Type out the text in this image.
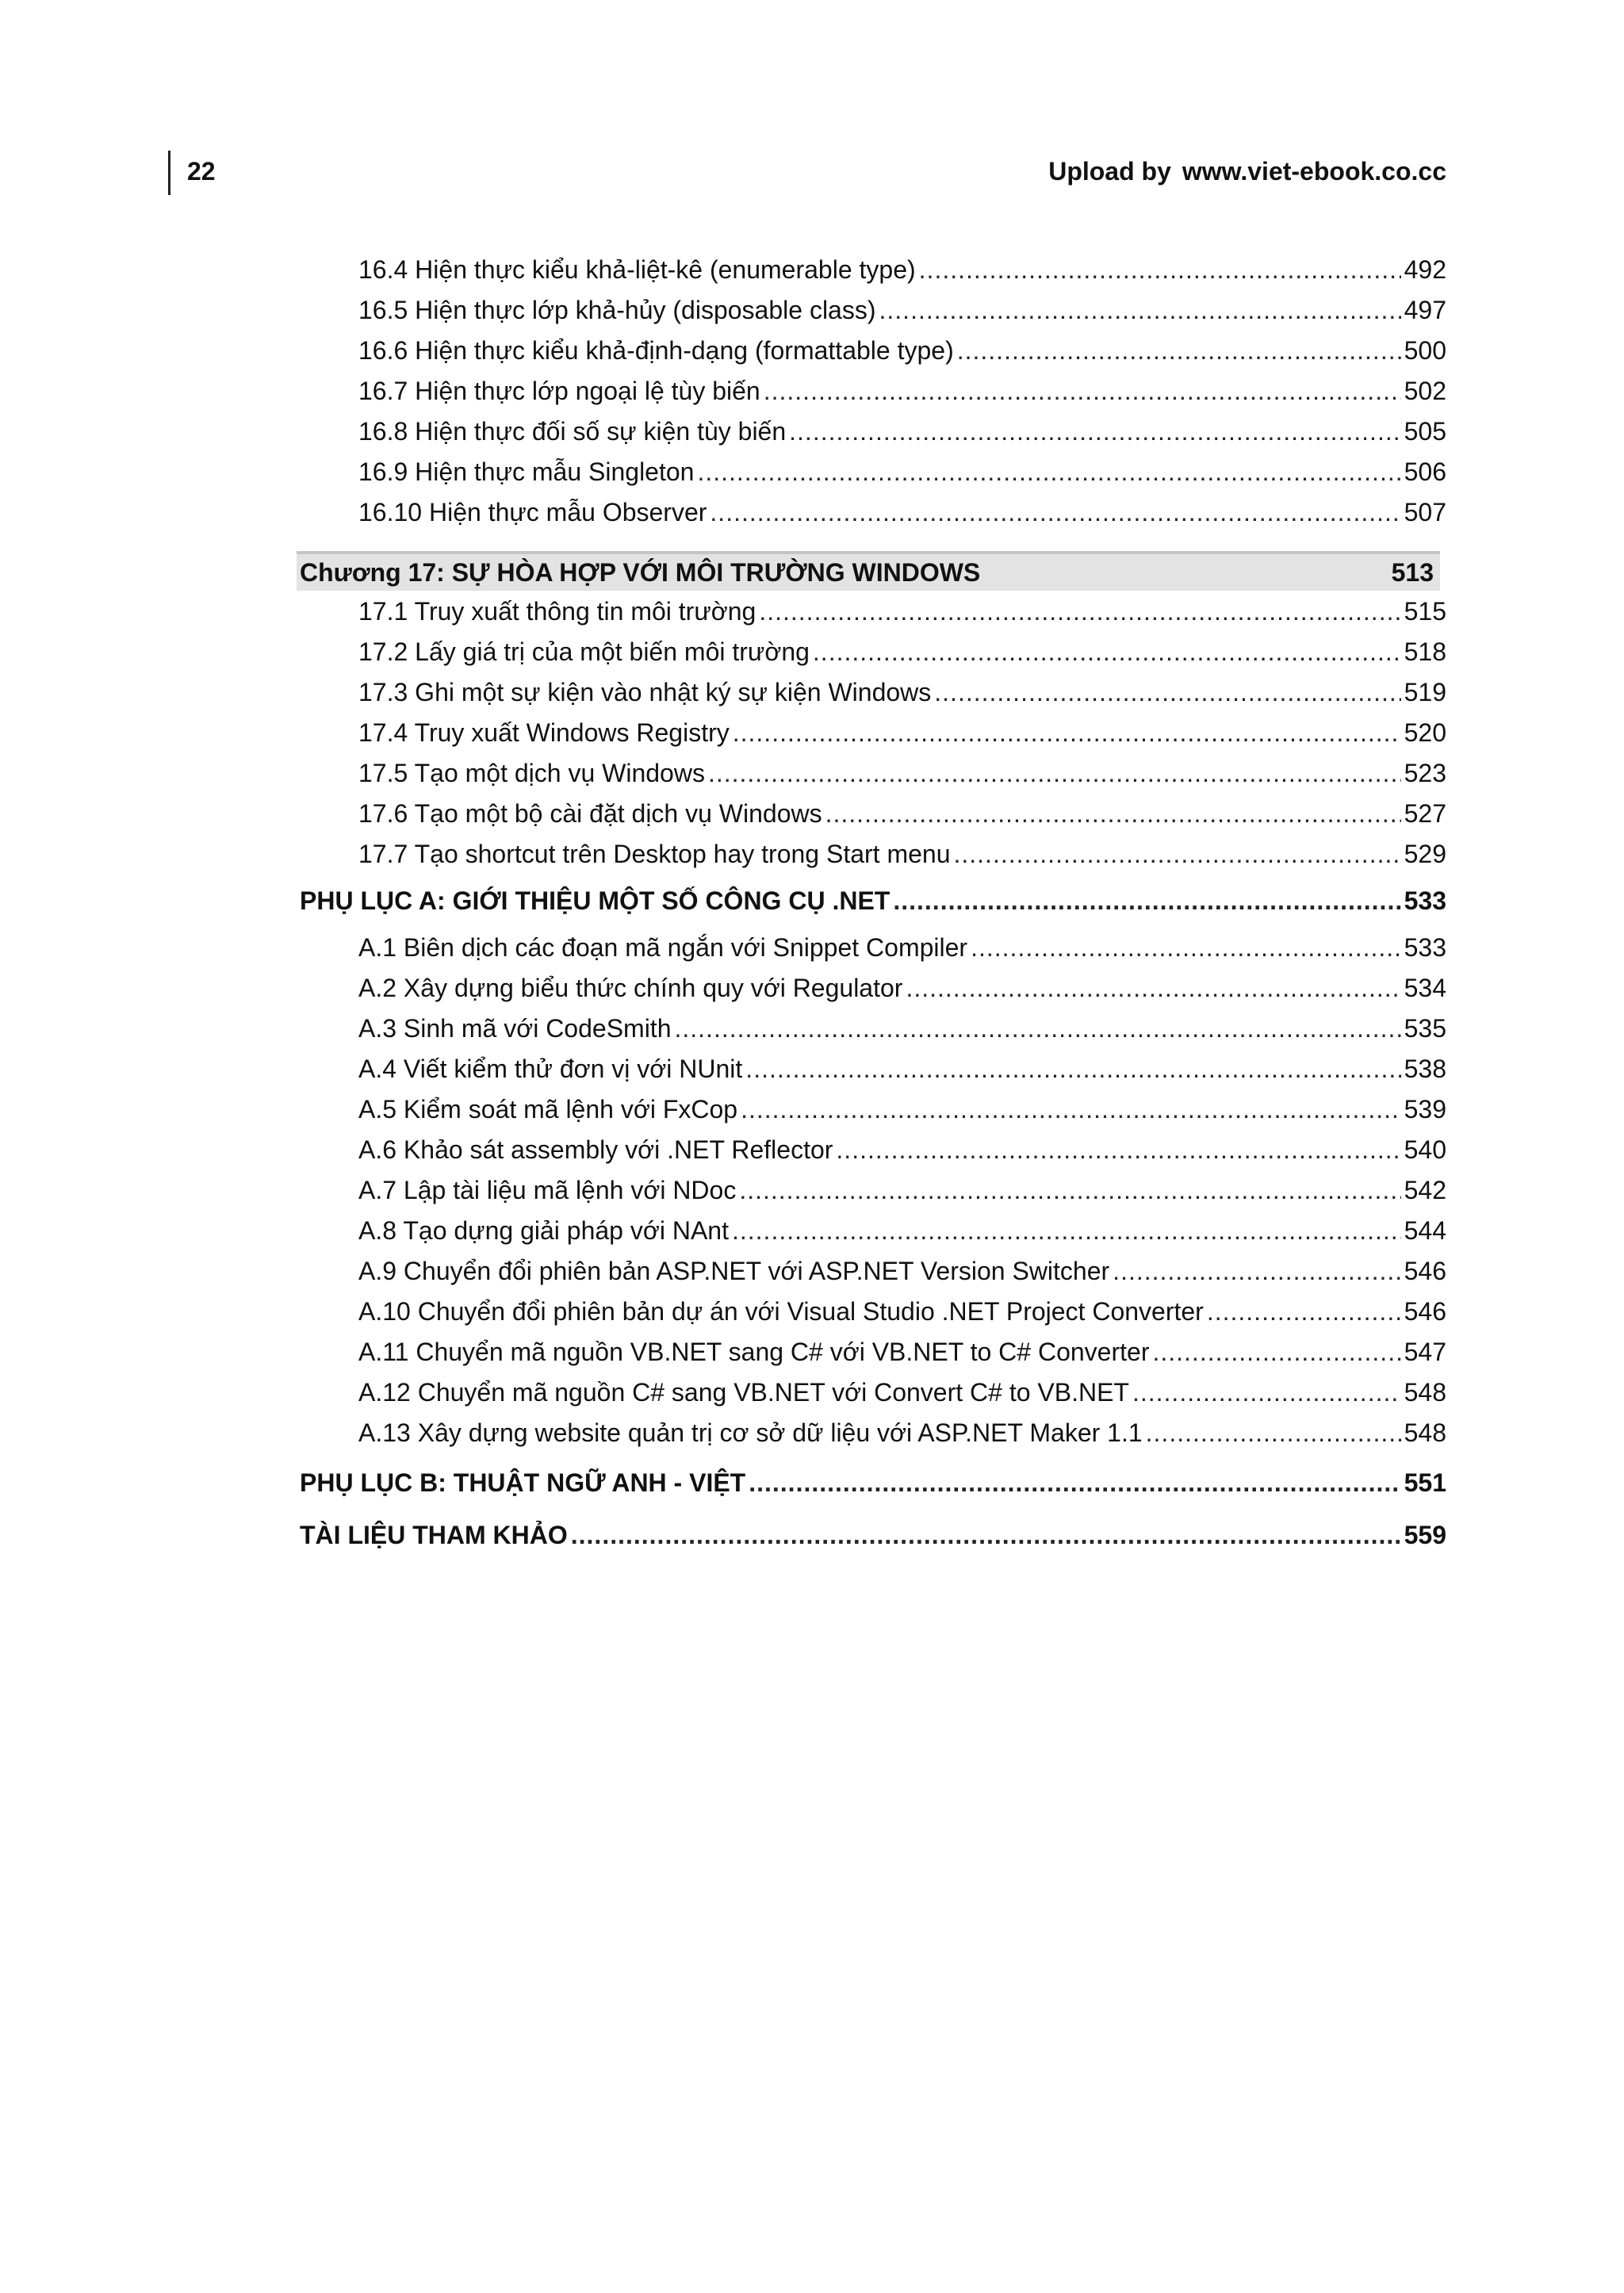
22	Upload by www.viet-ebook.co.cc
16.4 Hiện thực kiểu khả-liệt-kê (enumerable type) .....	492
16.5 Hiện thực lớp khả-hủy (disposable class) .....	497
16.6 Hiện thực kiểu khả-định-dạng (formattable type) .....	500
16.7 Hiện thực lớp ngoại lệ tùy biến .....	502
16.8 Hiện thực đối số sự kiện tùy biến .....	505
16.9 Hiện thực mẫu Singleton .....	506
16.10 Hiện thực mẫu Observer .....	507
Chương 17: SỰ HÒA HỢP VỚI MÔI TRƯỜNG WINDOWS	513
17.1 Truy xuất thông tin môi trường .....	515
17.2 Lấy giá trị của một biến môi trường .....	518
17.3 Ghi một sự kiện vào nhật ký sự kiện Windows .....	519
17.4 Truy xuất Windows Registry .....	520
17.5 Tạo một dịch vụ Windows .....	523
17.6 Tạo một bộ cài đặt dịch vụ Windows .....	527
17.7 Tạo shortcut trên Desktop hay trong Start menu .....	529
PHỤ LỤC A: GIỚI THIỆU MỘT SỐ CÔNG CỤ .NET .....	533
A.1 Biên dịch các đoạn mã ngắn với Snippet Compiler .....	533
A.2 Xây dựng biểu thức chính quy với Regulator .....	534
A.3 Sinh mã với CodeSmith .....	535
A.4 Viết kiểm thử đơn vị với NUnit .....	538
A.5 Kiểm soát mã lệnh với FxCop .....	539
A.6 Khảo sát assembly với .NET Reflector .....	540
A.7 Lập tài liệu mã lệnh với NDoc .....	542
A.8 Tạo dựng giải pháp với NAnt .....	544
A.9 Chuyển đổi phiên bản ASP.NET với ASP.NET Version Switcher .....	546
A.10 Chuyển đổi phiên bản dự án với Visual Studio .NET Project Converter .....	546
A.11 Chuyển mã nguồn VB.NET sang C# với VB.NET to C# Converter .....	547
A.12 Chuyển mã nguồn C# sang VB.NET với Convert C# to VB.NET .....	548
A.13 Xây dựng website quản trị cơ sở dữ liệu với ASP.NET Maker 1.1 .....	548
PHỤ LỤC B: THUẬT NGỮ ANH - VIỆT .....	551
TÀI LIỆU THAM KHẢO .....	559
